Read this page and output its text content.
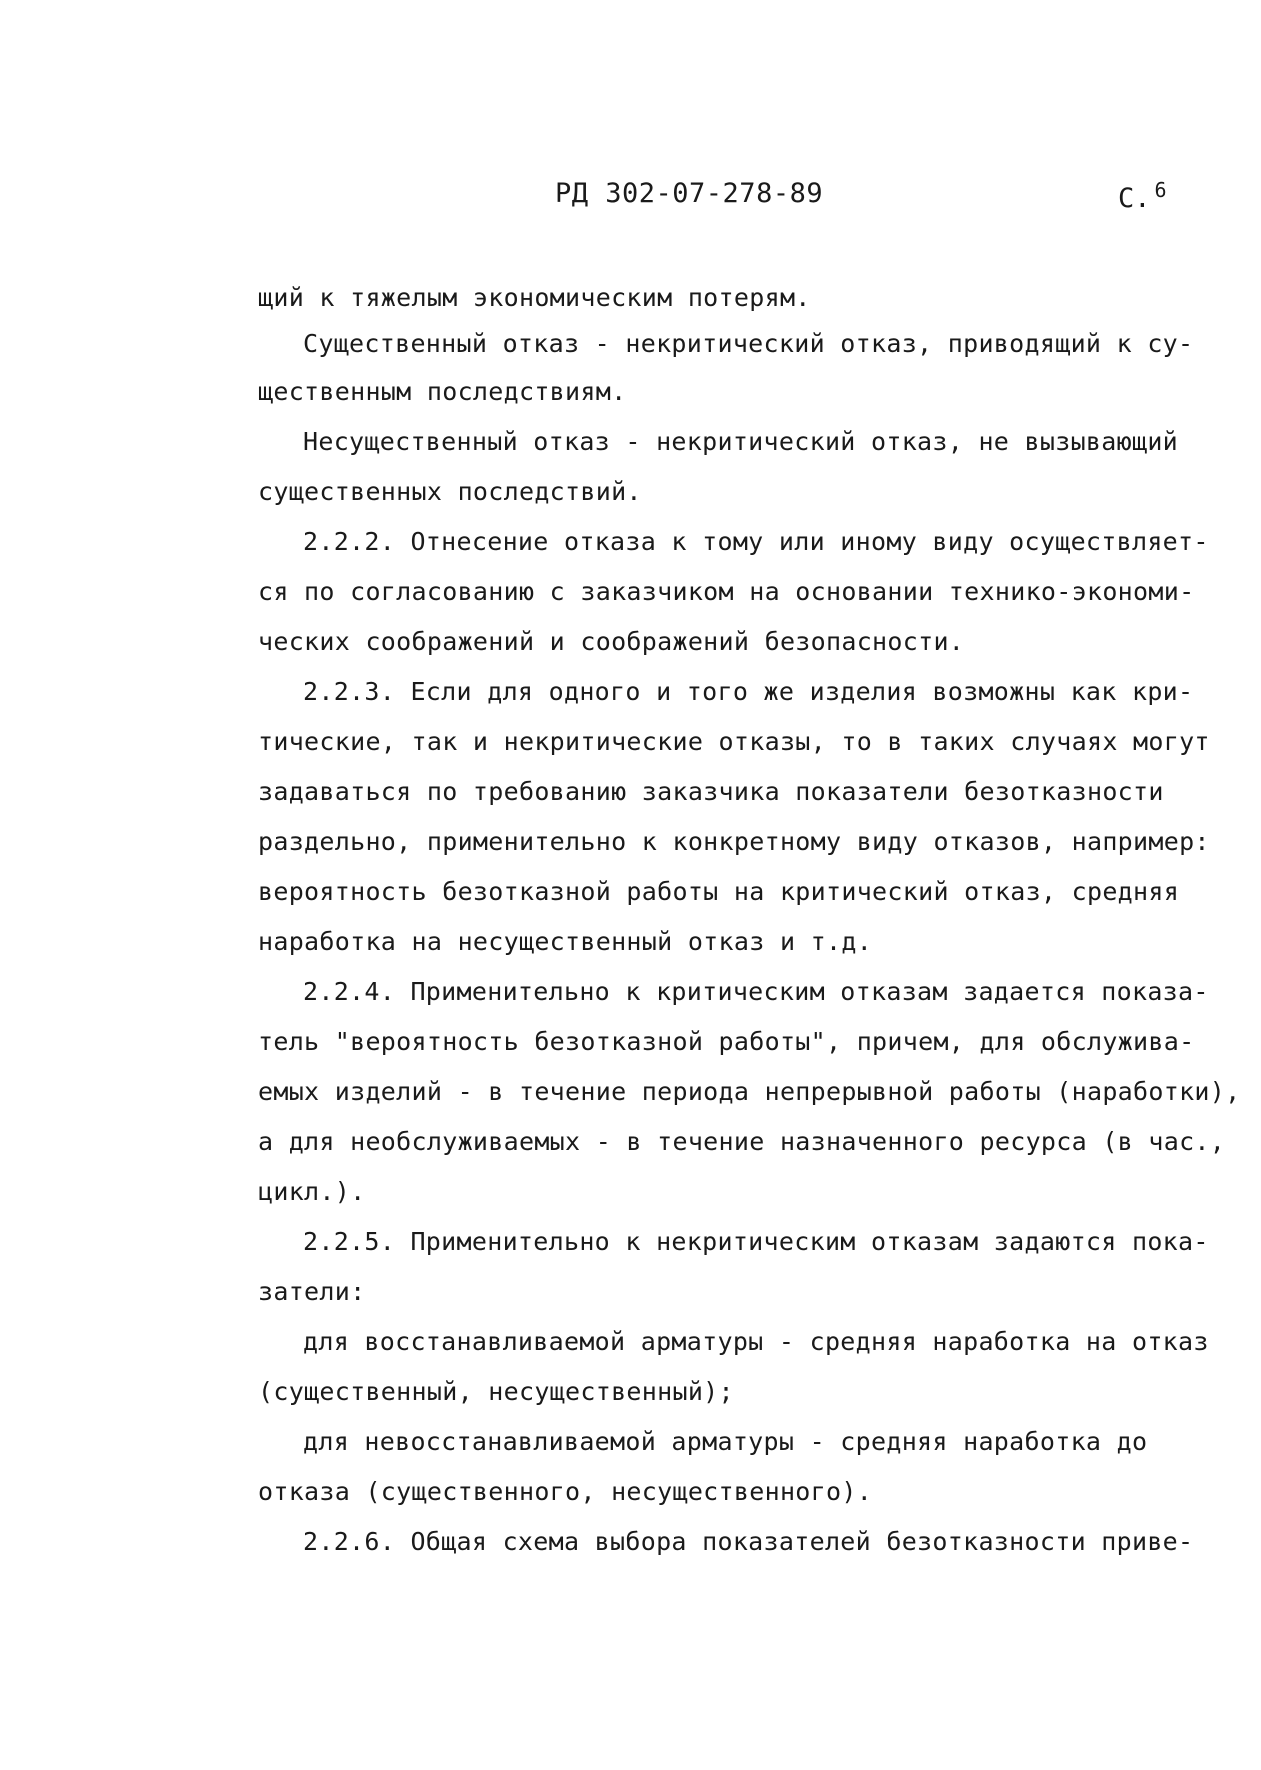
РД 302-07-278-89	С. $^6$
щий к тяжелым экономическим потерям.
Существенный отказ - некритический отказ, приводящий к су-
щественным последствиям.
Несущественный отказ - некритический отказ, не вызывающий
существенных последствий.
2.2.2. Отнесение отказа к тому или иному виду осуществляет-
ся по согласованию с заказчиком на основании технико-экономи-
ческих соображений и соображений безопасности.
2.2.3. Если для одного и того же изделия возможны как кри-
тические, так и некритические отказы, то в таких случаях могут
задаваться по требованию заказчика показатели безотказности
раздельно, применительно к конкретному виду отказов, например:
вероятность безотказной работы на критический отказ, средняя
наработка на несущественный отказ и т.д.
2.2.4. Применительно к критическим отказам задается показа-
тель "вероятность безотказной работы", причем, для обслужива-
емых изделий - в течение периода непрерывной работы (наработки),
а для необслуживаемых - в течение назначенного ресурса (в час.,
цикл.).
2.2.5. Применительно к некритическим отказам задаются пока-
затели:
для восстанавливаемой арматуры - средняя наработка на отказ
(существенный, несущественный);
для невосстанавливаемой арматуры - средняя наработка до
отказа (существенного, несущественного).
2.2.6. Общая схема выбора показателей безотказности приве-
